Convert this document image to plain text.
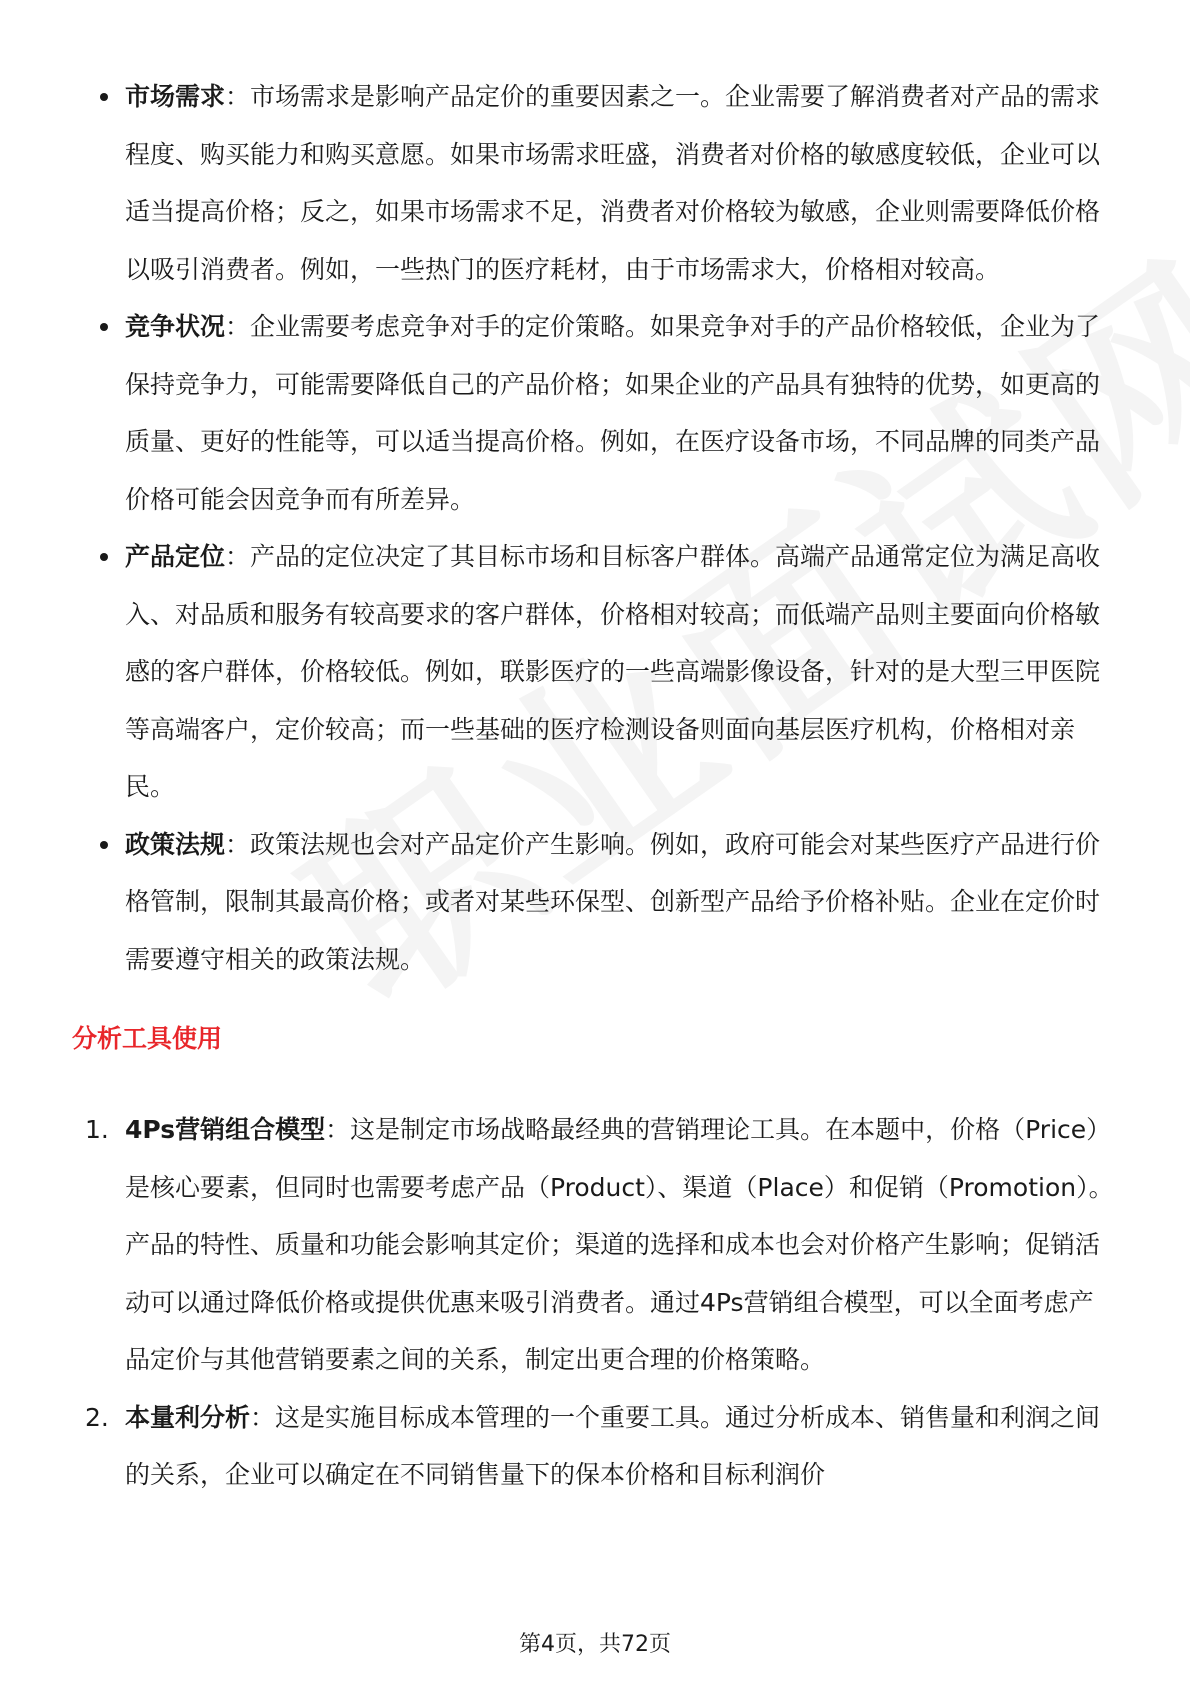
市场需求：市场需求是影响产品定价的重要因素之一。企业需要了解消费者对产品的需求程度、购买能力和购买意愿。如果市场需求旺盛，消费者对价格的敏感度较低，企业可以适当提高价格；反之，如果市场需求不足，消费者对价格较为敏感，企业则需要降低价格以吸引消费者。例如，一些热门的医疗耗材，由于市场需求大，价格相对较高。
竞争状况：企业需要考虑竞争对手的定价策略。如果竞争对手的产品价格较低，企业为了保持竞争力，可能需要降低自己的产品价格；如果企业的产品具有独特的优势，如更高的质量、更好的性能等，可以适当提高价格。例如，在医疗设备市场，不同品牌的同类产品价格可能会因竞争而有所差异。
产品定位：产品的定位决定了其目标市场和目标客户群体。高端产品通常定位为满足高收入、对品质和服务有较高要求的客户群体，价格相对较高；而低端产品则主要面向价格敏感的客户群体，价格较低。例如，联影医疗的一些高端影像设备，针对的是大型三甲医院等高端客户，定价较高；而一些基础的医疗检测设备则面向基层医疗机构，价格相对亲民。
政策法规：政策法规也会对产品定价产生影响。例如，政府可能会对某些医疗产品进行价格管制，限制其最高价格；或者对某些环保型、创新型产品给予价格补贴。企业在定价时需要遵守相关的政策法规。
分析工具使用
1. 4Ps营销组合模型：这是制定市场战略最经典的营销理论工具。在本题中，价格（Price）是核心要素，但同时也需要考虑产品（Product）、渠道（Place）和促销（Promotion）。产品的特性、质量和功能会影响其定价；渠道的选择和成本也会对价格产生影响；促销活动可以通过降低价格或提供优惠来吸引消费者。通过4Ps营销组合模型，可以全面考虑产品定价与其他营销要素之间的关系，制定出更合理的价格策略。
2. 本量利分析：这是实施目标成本管理的一个重要工具。通过分析成本、销售量和利润之间的关系，企业可以确定在不同销售量下的保本价格和目标利润价
第4页，共72页
